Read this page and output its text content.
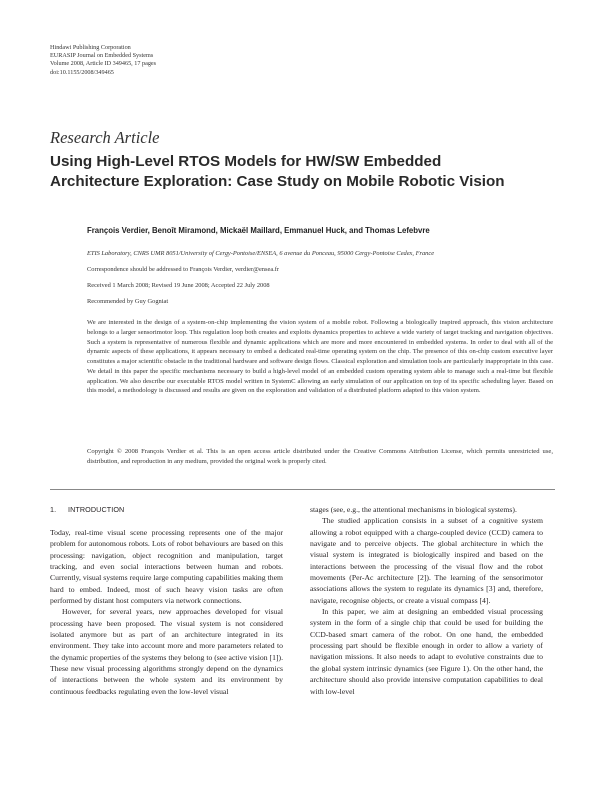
Hindawi Publishing Corporation
EURASIP Journal on Embedded Systems
Volume 2008, Article ID 349465, 17 pages
doi:10.1155/2008/349465
Research Article
Using High-Level RTOS Models for HW/SW Embedded
Architecture Exploration: Case Study on Mobile Robotic Vision
François Verdier, Benoît Miramond, Mickaël Maillard, Emmanuel Huck, and Thomas Lefebvre
ETIS Laboratory, CNRS UMR 8051/University of Cergy-Pontoise/ENSEA, 6 avenue du Ponceau, 95000 Cergy-Pontoise Cedex, France
Correspondence should be addressed to François Verdier, verdier@ensea.fr
Received 1 March 2008; Revised 19 June 2008; Accepted 22 July 2008
Recommended by Guy Gogniat

We are interested in the design of a system-on-chip implementing the vision system of a mobile robot. Following a biologically inspired approach, this vision architecture belongs to a larger sensorimotor loop. This regulation loop both creates and exploits dynamics properties to achieve a wide variety of target tracking and navigation objectives. Such a system is representative of numerous flexible and dynamic applications which are more and more encountered in embedded systems. In order to deal with all of the dynamic aspects of these applications, it appears necessary to embed a dedicated real-time operating system on the chip. The presence of this on-chip custom executive layer constitutes a major scientific obstacle in the traditional hardware and software design flows. Classical exploration and simulation tools are particularly inappropriate in this case. We detail in this paper the specific mechanisms necessary to build a high-level model of an embedded custom operating system able to manage such a real-time but flexible application. We also describe our executable RTOS model written in SystemC allowing an early simulation of our application on top of its specific scheduling layer. Based on this model, a methodology is discussed and results are given on the exploration and validation of a distributed platform adapted to this vision system.

Copyright © 2008 François Verdier et al. This is an open access article distributed under the Creative Commons Attribution License, which permits unrestricted use, distribution, and reproduction in any medium, provided the original work is properly cited.

1. INTRODUCTION

Today, real-time visual scene processing represents one of the major problem for autonomous robots. Lots of robot behaviours are based on this processing: navigation, object recognition and manipulation, target tracking, and even social interactions between human and robots. Currently, visual systems require large computing capabilities making them hard to embed. Indeed, most of such heavy vision tasks are often performed by distant host computers via network connections.

However, for several years, new approaches developed for visual processing have been proposed. The visual system is not considered isolated anymore but as part of an architecture integrated in its environment. They take into account more and more parameters related to the dynamic properties of the systems they belong to (see active vision [1]). These new visual processing algorithms strongly depend on the dynamics of interactions between the whole system and its environment by continuous feedbacks regulating even the low-level visual

stages (see, e.g., the attentional mechanisms in biological systems).

The studied application consists in a subset of a cognitive system allowing a robot equipped with a charge-coupled device (CCD) camera to navigate and to perceive objects. The global architecture in which the visual system is integrated is biologically inspired and based on the interactions between the processing of the visual flow and the robot movements (Per-Ac architecture [2]). The learning of the sensorimotor associations allows the system to regulate its dynamics [3] and, therefore, navigate, recognise objects, or create a visual compass [4].

In this paper, we aim at designing an embedded visual processing system in the form of a single chip that could be used for building the CCD-based smart camera of the robot. On one hand, the embedded processing part should be flexible enough in order to allow a variety of navigation missions. It also needs to adapt to evolutive constraints due to the global system intrinsic dynamics (see Figure 1). On the other hand, the architecture should also provide intensive computation capabilities to deal with low-level
